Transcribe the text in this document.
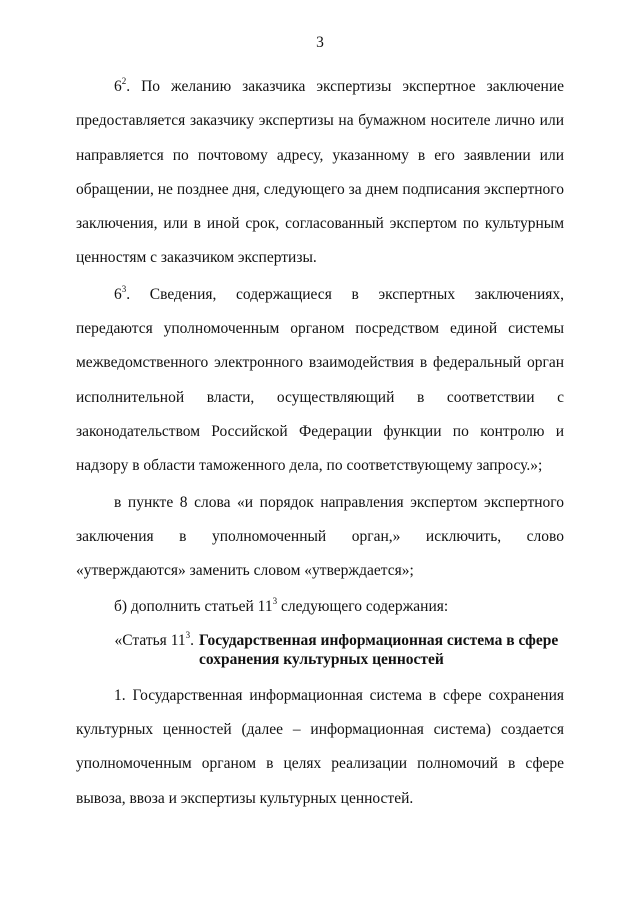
3

$6^2$. По желанию заказчика экспертизы экспертное заключение предоставляется заказчику экспертизы на бумажном носителе лично или направляется по почтовому адресу, указанному в его заявлении или обращении, не позднее дня, следующего за днем подписания экспертного заключения, или в иной срок, согласованный экспертом по культурным ценностям с заказчиком экспертизы.

$6^3$. Сведения, содержащиеся в экспертных заключениях, передаются уполномоченным органом посредством единой системы межведомственного электронного взаимодействия в федеральный орган исполнительной власти, осуществляющий в соответствии с законодательством Российской Федерации функции по контролю и надзору в области таможенного дела, по соответствующему запросу.»;

в пункте 8 слова «и порядок направления экспертом экспертного заключения в уполномоченный орган,» исключить, слово «утверждаются» заменить словом «утверждается»;

б) дополнить статьей $11^3$ следующего содержания:

«Статья $11^3$. Государственная информационная система в сфере сохранения культурных ценностей

1. Государственная информационная система в сфере сохранения культурных ценностей (далее – информационная система) создается уполномоченным органом в целях реализации полномочий в сфере вывоза, ввоза и экспертизы культурных ценностей.
